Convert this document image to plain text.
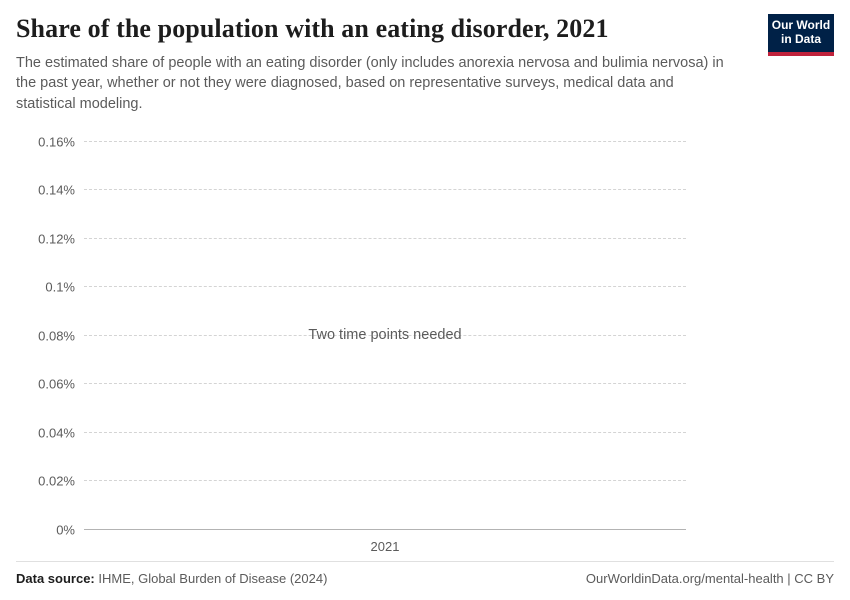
Share of the population with an eating disorder, 2021

The estimated share of people with an eating disorder (only includes anorexia nervosa and bulimia nervosa) in the past year, whether or not they were diagnosed, based on representative surveys, medical data and statistical modeling.

Our World
in Data
0%
0.02%
0.04%
0.06%
0.08%
0.1%
0.12%
0.14%
0.16%
2021
Two time points needed
Data source: IHME, Global Burden of Disease (2024)	OurWorldinData.org/mental-health | CC BY
